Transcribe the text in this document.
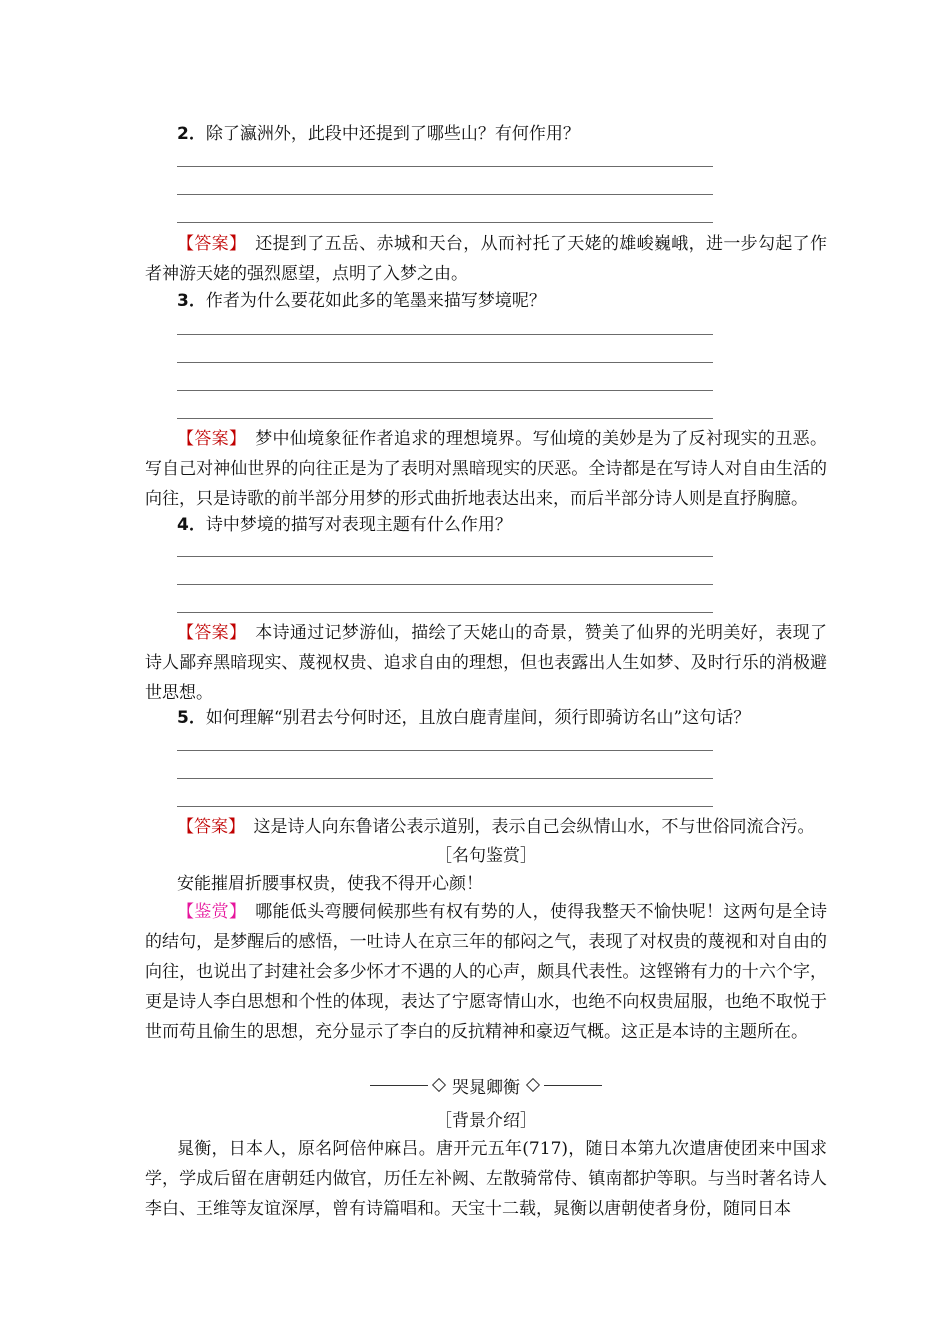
2．除了瀛洲外，此段中还提到了哪些山？有何作用？

【答案】　 还提到了五岳、赤城和天台，从而衬托了天姥的雄峻巍峨，进一步勾起了作者神游天姥的强烈愿望，点明了入梦之由。

3．作者为什么要花如此多的笔墨来描写梦境呢？

【答案】　 梦中仙境象征作者追求的理想境界。写仙境的美妙是为了反衬现实的丑恶。写自己对神仙世界的向往正是为了表明对黑暗现实的厌恶。全诗都是在写诗人对自由生活的向往，只是诗歌的前半部分用梦的形式曲折地表达出来，而后半部分诗人则是直抒胸臆。

4．诗中梦境的描写对表现主题有什么作用？

【答案】　 本诗通过记梦游仙，描绘了天姥山的奇景，赞美了仙界的光明美好，表现了诗人鄙弃黑暗现实、蔑视权贵、追求自由的理想，但也表露出人生如梦、及时行乐的消极避世思想。

5．如何理解“别君去兮何时还，且放白鹿青崖间，须行即骑访名山”这句话？

【答案】　 这是诗人向东鲁诸公表示道别，表示自己会纵情山水，不与世俗同流合污。

［名句鉴赏］

安能摧眉折腰事权贵，使我不得开心颜！

【鉴赏】　 哪能低头弯腰伺候那些有权有势的人，使得我整天不愉快呢！这两句是全诗的结句，是梦醒后的感悟，一吐诗人在京三年的郁闷之气，表现了对权贵的蔑视和对自由的向往，也说出了封建社会多少怀才不遇的人的心声，颇具代表性。这铿锵有力的十六个字，更是诗人李白思想和个性的体现，表达了宁愿寄情山水，也绝不向权贵屈服，也绝不取悦于世而苟且偷生的思想，充分显示了李白的反抗精神和豪迈气概。这正是本诗的主题所在。

哭晁卿衡

［背景介绍］

晁衡，日本人，原名阿倍仲麻吕。唐开元五年(717)，随日本第九次遣唐使团来中国求学，学成后留在唐朝廷内做官，历任左补阙、左散骑常侍、镇南都护等职。与当时著名诗人李白、王维等友谊深厚，曾有诗篇唱和。天宝十二载，晁衡以唐朝使者身份，随同日本
